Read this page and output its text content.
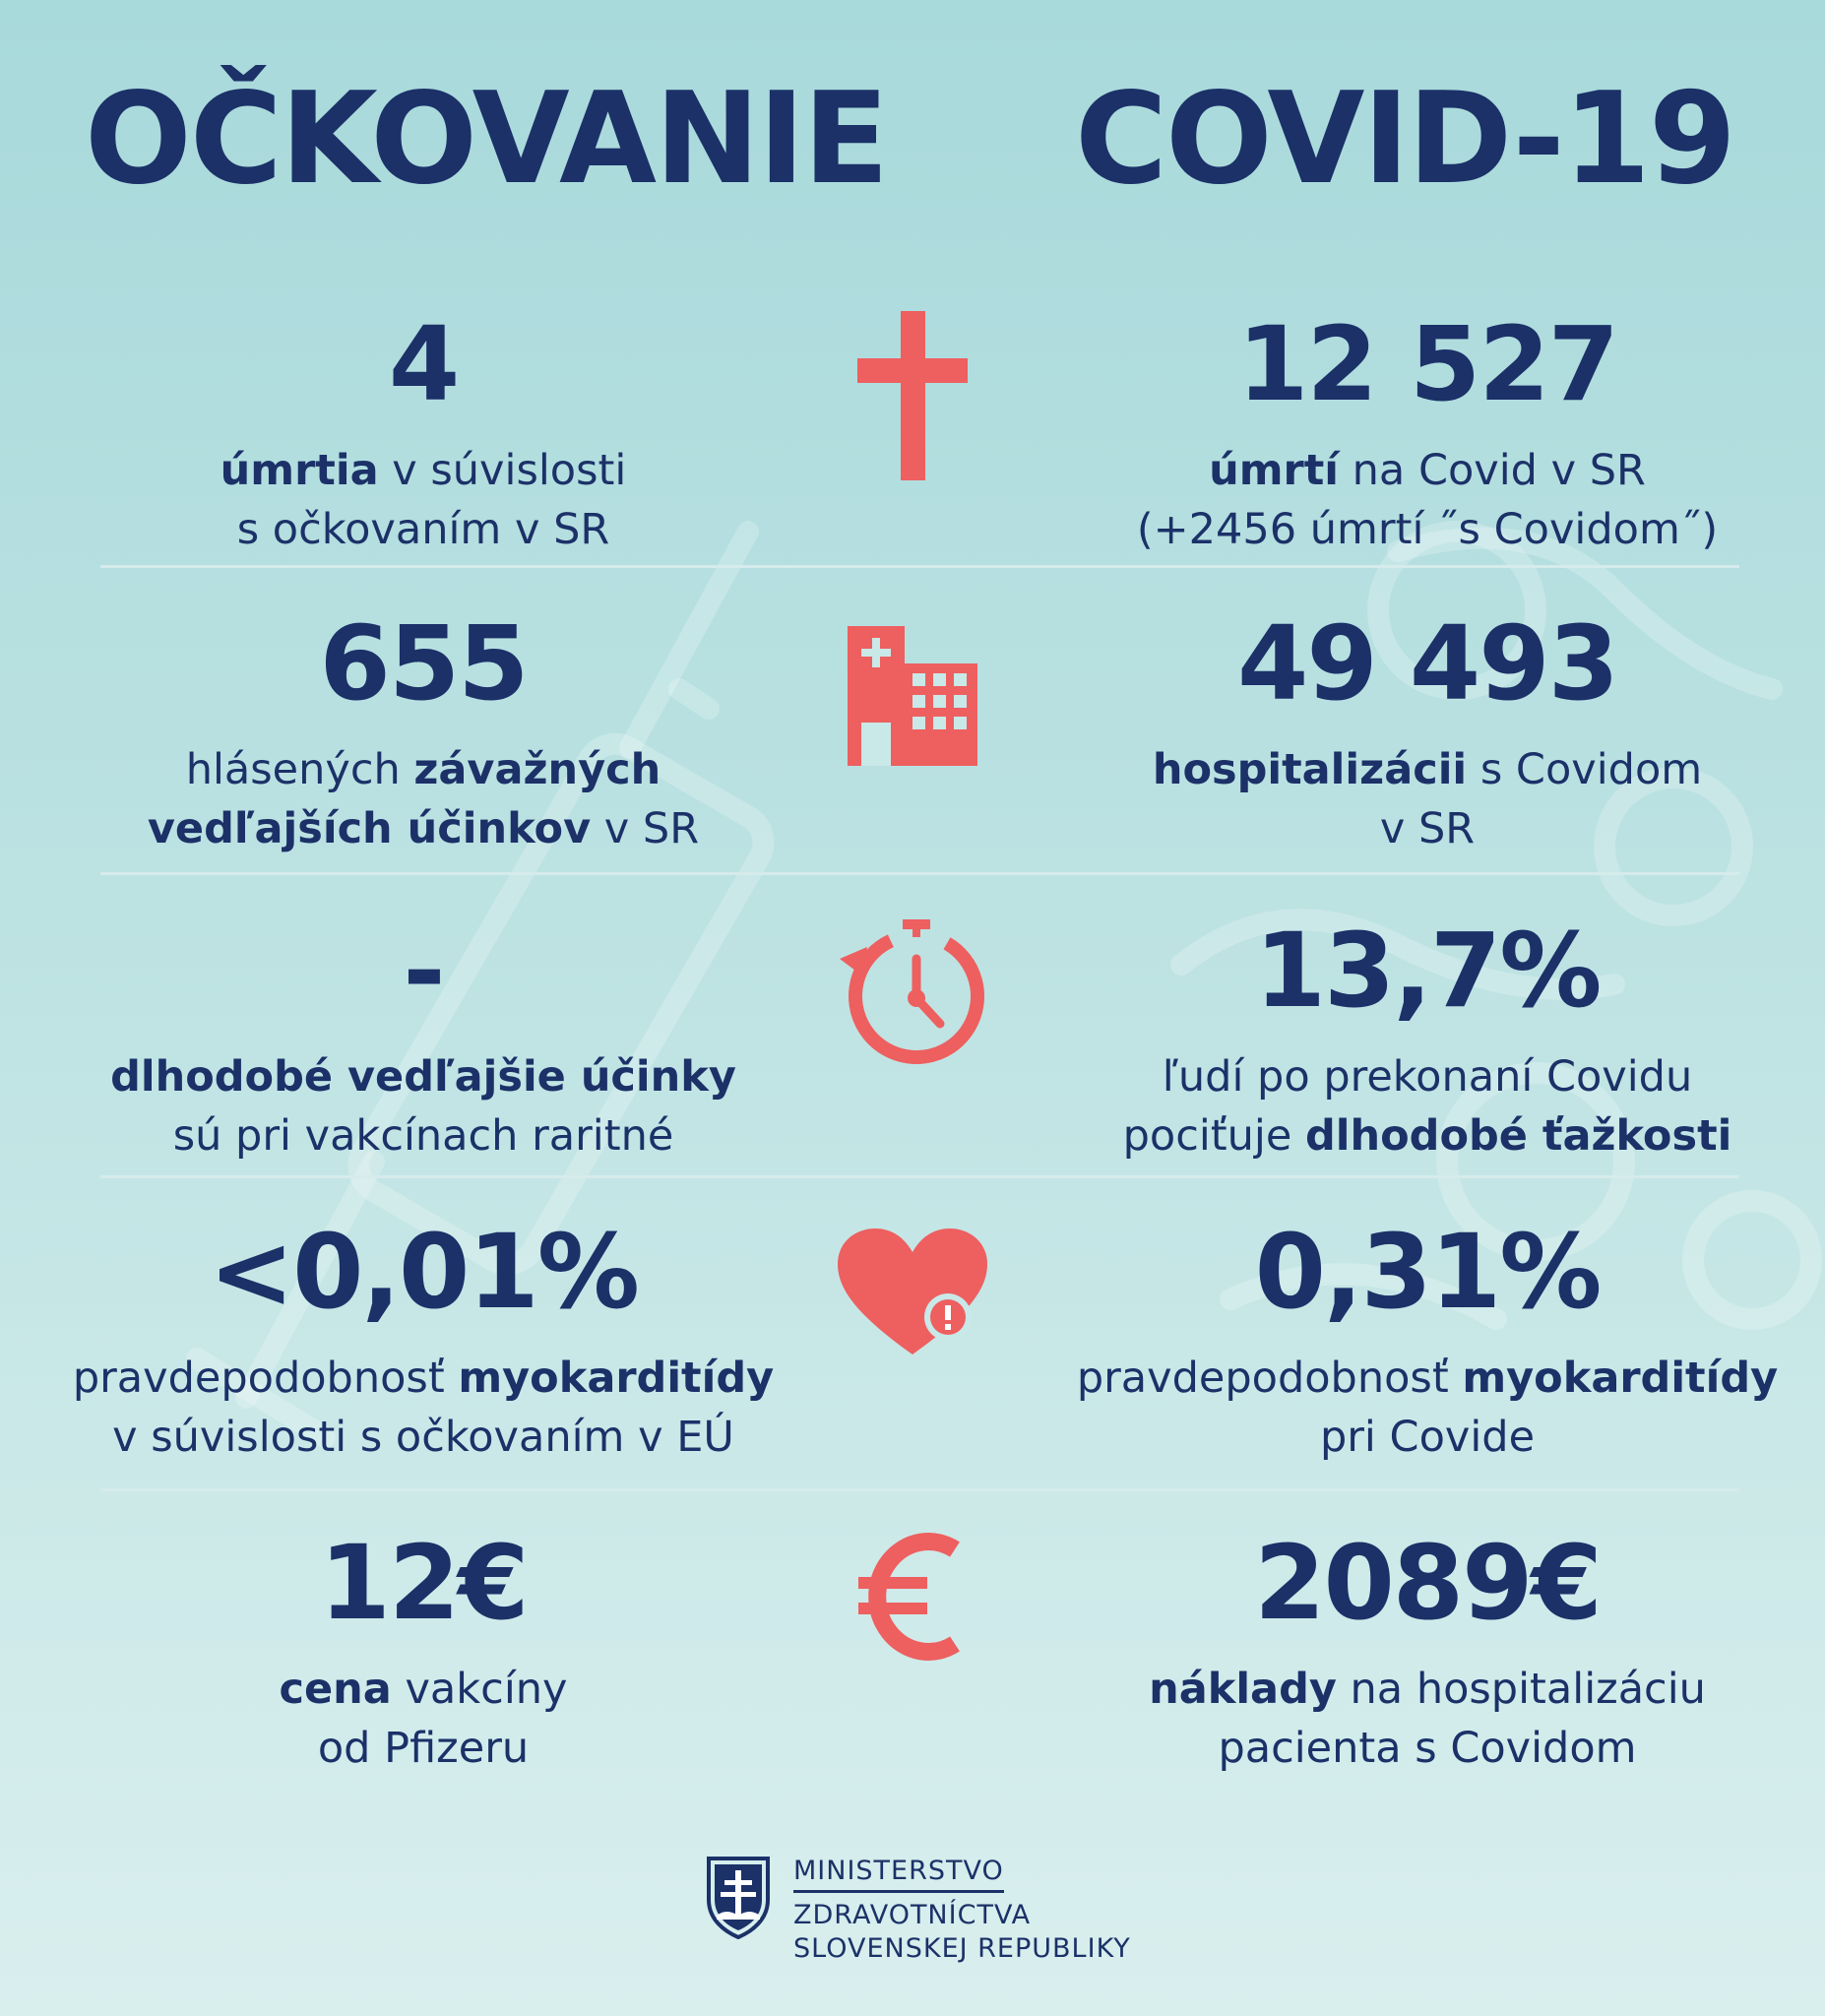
OČKOVANIE COVID-19
4
úmrtia v súvislosti
s očkovaním v SR
12 527
úmrtí na Covid v SR
(+2456 úmrtí ˝s Covidom˝)
655
hlásených závažných
vedľajších účinkov v SR
49 493
hospitalizácii s Covidom
v SR
-
dlhodobé vedľajšie účinky
sú pri vakcínach raritné
13,7%
ľudí po prekonaní Covidu
pociťuje dlhodobé ťažkosti
<0,01%
pravdepodobnosť myokarditídy
v súvislosti s očkovaním v EÚ
0,31%
pravdepodobnosť myokarditídy
pri Covide
12€
cena vakcíny
od Pfizeru
2089€
náklady na hospitalizáciu
pacienta s Covidom
MINISTERSTVO
ZDRAVOTNÍCTVA
SLOVENSKEJ REPUBLIKY
